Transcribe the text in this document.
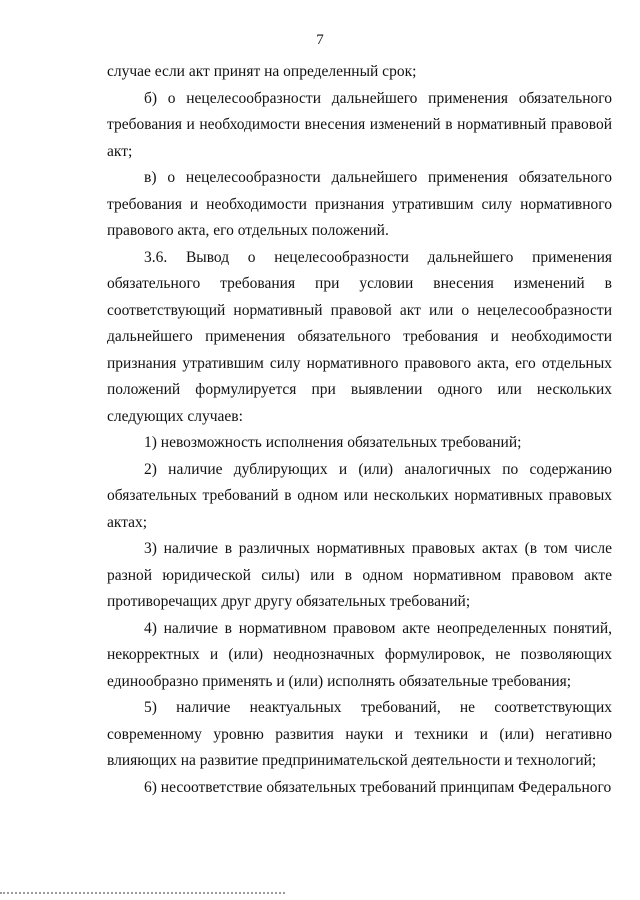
7

случае если акт принят на определенный срок;

б) о нецелесообразности дальнейшего применения обязательного требования и необходимости внесения изменений в нормативный правовой акт;

в) о нецелесообразности дальнейшего применения обязательного требования и необходимости признания утратившим силу нормативного правового акта, его отдельных положений.

3.6. Вывод о нецелесообразности дальнейшего применения обязательного требования при условии внесения изменений в соответствующий нормативный правовой акт или о нецелесообразности дальнейшего применения обязательного требования и необходимости признания утратившим силу нормативного правового акта, его отдельных положений формулируется при выявлении одного или нескольких следующих случаев:

1) невозможность исполнения обязательных требований;

2) наличие дублирующих и (или) аналогичных по содержанию обязательных требований в одном или нескольких нормативных правовых актах;

3) наличие в различных нормативных правовых актах (в том числе разной юридической силы) или в одном нормативном правовом акте противоречащих друг другу обязательных требований;

4) наличие в нормативном правовом акте неопределенных понятий, некорректных и (или) неоднозначных формулировок, не позволяющих единообразно применять и (или) исполнять обязательные требования;

5) наличие неактуальных требований, не соответствующих современному уровню развития науки и техники и (или) негативно влияющих на развитие предпринимательской деятельности и технологий;

6) несоответствие обязательных требований принципам Федерального
